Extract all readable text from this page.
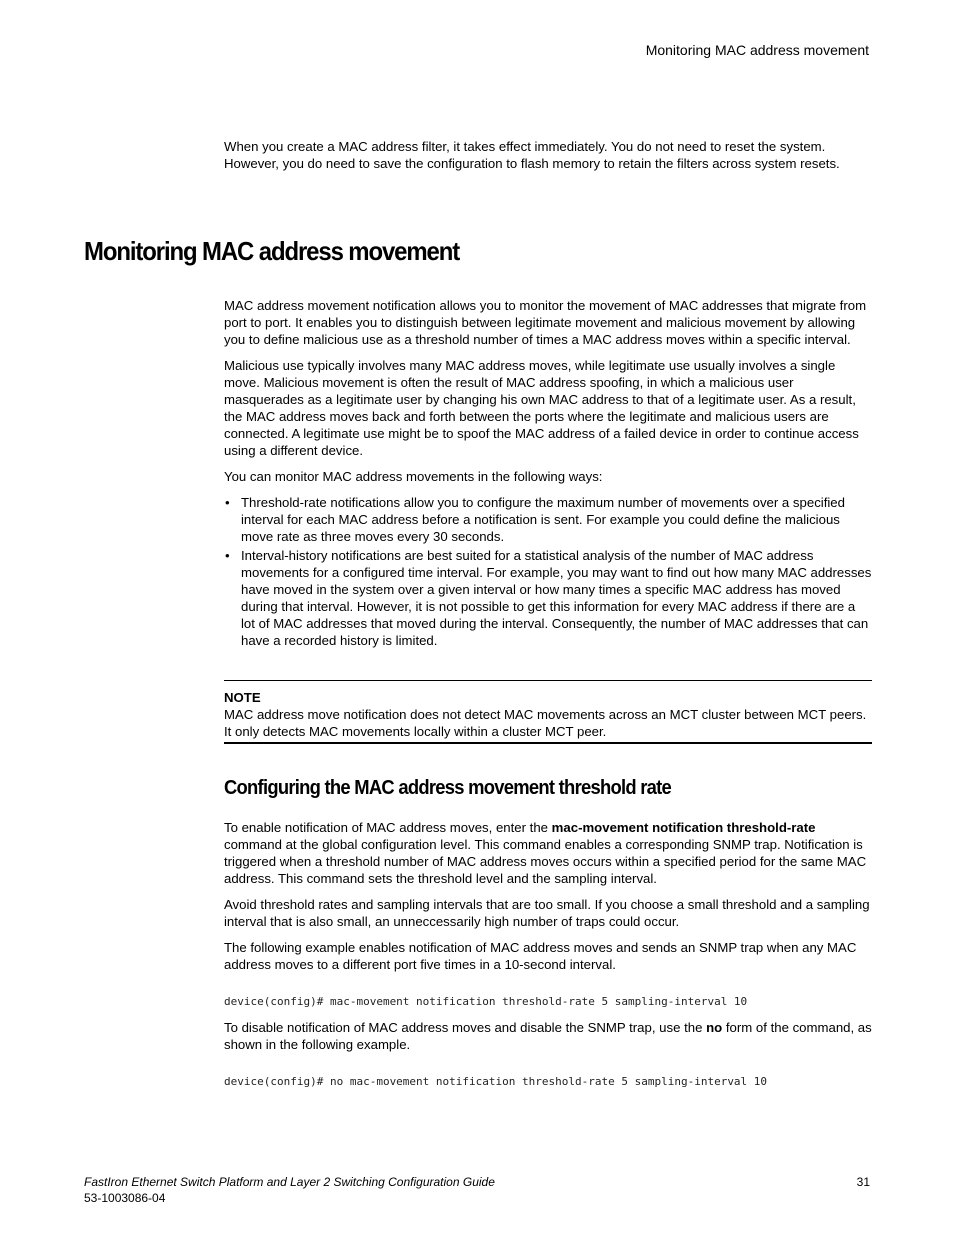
Monitoring MAC address movement

When you create a MAC address filter, it takes effect immediately. You do not need to reset the system. However, you do need to save the configuration to flash memory to retain the filters across system resets.

Monitoring MAC address movement

MAC address movement notification allows you to monitor the movement of MAC addresses that migrate from port to port. It enables you to distinguish between legitimate movement and malicious movement by allowing you to define malicious use as a threshold number of times a MAC address moves within a specific interval.

Malicious use typically involves many MAC address moves, while legitimate use usually involves a single move. Malicious movement is often the result of MAC address spoofing, in which a malicious user masquerades as a legitimate user by changing his own MAC address to that of a legitimate user. As a result, the MAC address moves back and forth between the ports where the legitimate and malicious users are connected. A legitimate use might be to spoof the MAC address of a failed device in order to continue access using a different device.

You can monitor MAC address movements in the following ways:

• Threshold-rate notifications allow you to configure the maximum number of movements over a specified interval for each MAC address before a notification is sent. For example you could define the malicious move rate as three moves every 30 seconds.
• Interval-history notifications are best suited for a statistical analysis of the number of MAC address movements for a configured time interval. For example, you may want to find out how many MAC addresses have moved in the system over a given interval or how many times a specific MAC address has moved during that interval. However, it is not possible to get this information for every MAC address if there are a lot of MAC addresses that moved during the interval. Consequently, the number of MAC addresses that can have a recorded history is limited.
NOTE
MAC address move notification does not detect MAC movements across an MCT cluster between MCT peers. It only detects MAC movements locally within a cluster MCT peer.
Configuring the MAC address movement threshold rate

To enable notification of MAC address moves, enter the mac-movement notification threshold-rate command at the global configuration level. This command enables a corresponding SNMP trap. Notification is triggered when a threshold number of MAC address moves occurs within a specified period for the same MAC address. This command sets the threshold level and the sampling interval.

Avoid threshold rates and sampling intervals that are too small. If you choose a small threshold and a sampling interval that is also small, an unneccessarily high number of traps could occur.

The following example enables notification of MAC address moves and sends an SNMP trap when any MAC address moves to a different port five times in a 10-second interval.

device(config)# mac-movement notification threshold-rate 5 sampling-interval 10

To disable notification of MAC address moves and disable the SNMP trap, use the no form of the command, as shown in the following example.

device(config)# no mac-movement notification threshold-rate 5 sampling-interval 10
FastIron Ethernet Switch Platform and Layer 2 Switching Configuration Guide
53-1003086-04
31
